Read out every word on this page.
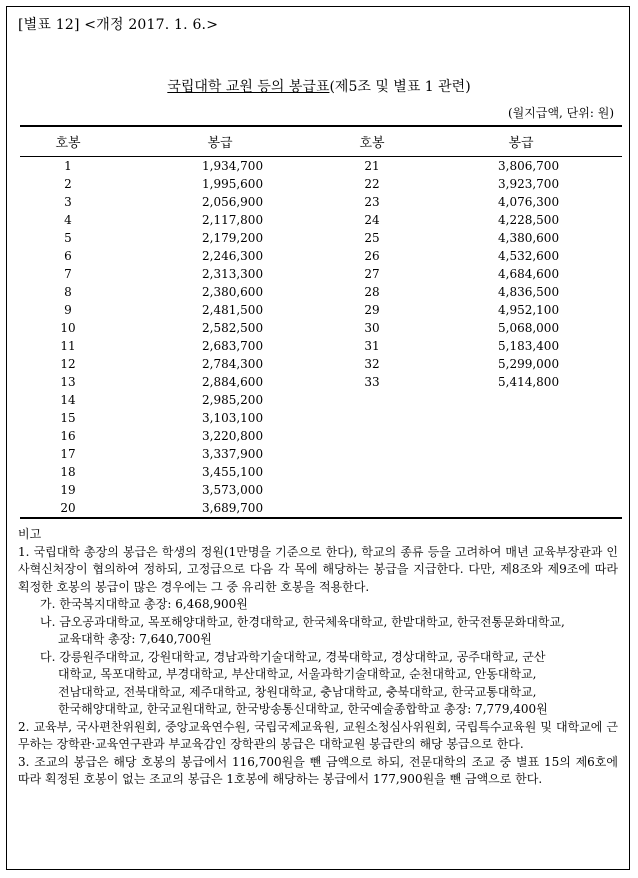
[별표 12] <개정 2017. 1. 6.>
국립대학 교원 등의 봉급표(제5조 및 별표 1 관련)
(월지급액, 단위: 원)
호봉	봉급	호봉	봉급
1	1,934,700	21	3,806,700
2	1,995,600	22	3,923,700
3	2,056,900	23	4,076,300
4	2,117,800	24	4,228,500
5	2,179,200	25	4,380,600
6	2,246,300	26	4,532,600
7	2,313,300	27	4,684,600
8	2,380,600	28	4,836,500
9	2,481,500	29	4,952,100
10	2,582,500	30	5,068,000
11	2,683,700	31	5,183,400
12	2,784,300	32	5,299,000
13	2,884,600	33	5,414,800
14	2,985,200		
15	3,103,100		
16	3,220,800		
17	3,337,900		
18	3,455,100		
19	3,573,000		
20	3,689,700		

비고

1. 국립대학 총장의 봉급은 학생의 정원(1만명을 기준으로 한다), 학교의 종류 등을 고려하여 매년 교육부장관과 인사혁신처장이 협의하여 정하되, 고정급으로 다음 각 목에 해당하는 봉급을 지급한다. 다만, 제8조와 제9조에 따라 획정한 호봉의 봉급이 많은 경우에는 그 중 유리한 호봉을 적용한다.

가. 한국복지대학교 총장: 6,468,900원

나. 금오공과대학교, 목포해양대학교, 한경대학교, 한국체육대학교, 한밭대학교, 한국전통문화대학교,
교육대학 총장: 7,640,700원

다. 강릉원주대학교, 강원대학교, 경남과학기술대학교, 경북대학교, 경상대학교, 공주대학교, 군산
대학교, 목포대학교, 부경대학교, 부산대학교, 서울과학기술대학교, 순천대학교, 안동대학교,
전남대학교, 전북대학교, 제주대학교, 창원대학교, 충남대학교, 충북대학교, 한국교통대학교,
한국해양대학교, 한국교원대학교, 한국방송통신대학교, 한국예술종합학교 총장: 7,779,400원

2. 교육부, 국사편찬위원회, 중앙교육연수원, 국립국제교육원, 교원소청심사위원회, 국립특수교육원 및 대학교에 근무하는 장학관·교육연구관과 부교육감인 장학관의 봉급은 대학교원 봉급란의 해당 봉급으로 한다.

3. 조교의 봉급은 해당 호봉의 봉급에서 116,700원을 뺀 금액으로 하되, 전문대학의 조교 중 별표 15의 제6호에 따라 획정된 호봉이 없는 조교의 봉급은 1호봉에 해당하는 봉급에서 177,900원을 뺀 금액으로 한다.
